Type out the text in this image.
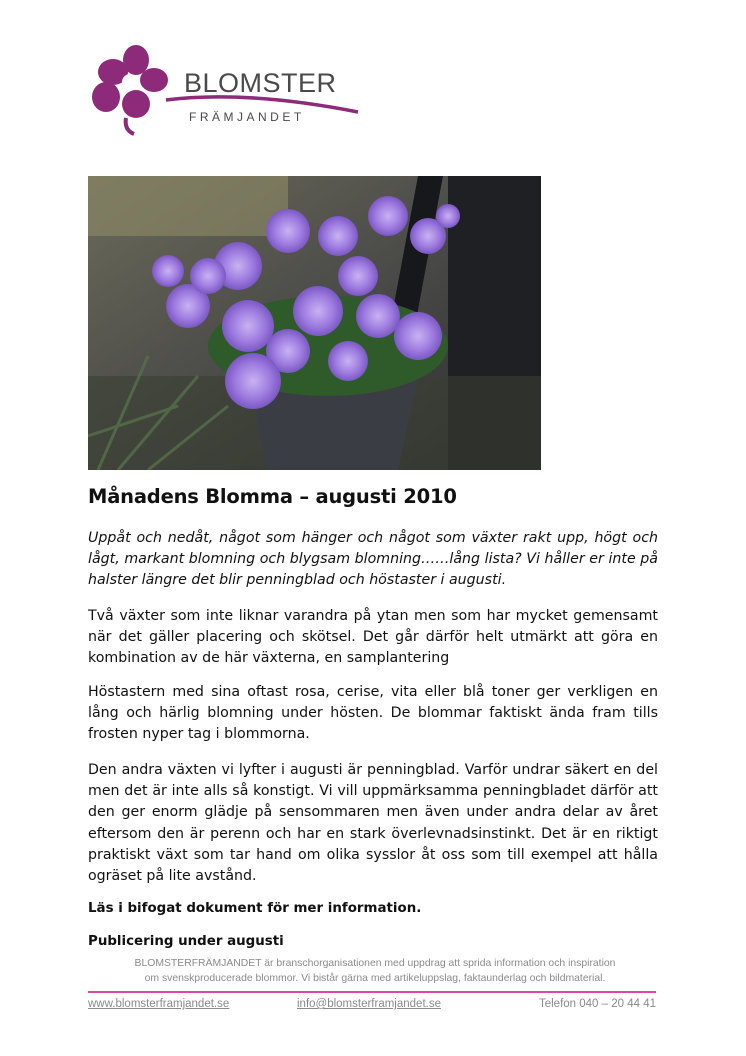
BLOMSTER
FRÄMJANDET
Månadens Blomma – augusti 2010

Uppåt och nedåt, något som hänger och något som växter rakt upp, högt och lågt, markant blomning och blygsam blomning……lång lista? Vi håller er inte på halster längre det blir penningblad och höstaster i augusti.

Två växter som inte liknar varandra på ytan men som har mycket gemensamt när det gäller placering och skötsel. Det går därför helt utmärkt att göra en kombination av de här växterna, en samplantering

Höstastern med sina oftast rosa, cerise, vita eller blå toner ger verkligen en lång och härlig blomning under hösten. De blommar faktiskt ända fram tills frosten nyper tag i blommorna.

Den andra växten vi lyfter i augusti är penningblad. Varför undrar säkert en del men det är inte alls så konstigt. Vi vill uppmärksamma penningbladet därför att den ger enorm glädje på sensommaren men även under andra delar av året eftersom den är perenn och har en stark överlevnadsinstinkt. Det är en riktigt praktiskt växt som tar hand om olika sysslor åt oss som till exempel att hålla ogräset på lite avstånd.

Läs i bifogat dokument för mer information.

Publicering under augusti

BLOMSTERFRÄMJANDET är branschorganisationen med uppdrag att sprida information och inspiration
om svenskproducerade blommor. Vi bistår gärna med artikeluppslag, faktaunderlag och bildmaterial.
www.blomsterframjandet.se	info@blomsterframjandet.se	Telefon 040 – 20 44 41
